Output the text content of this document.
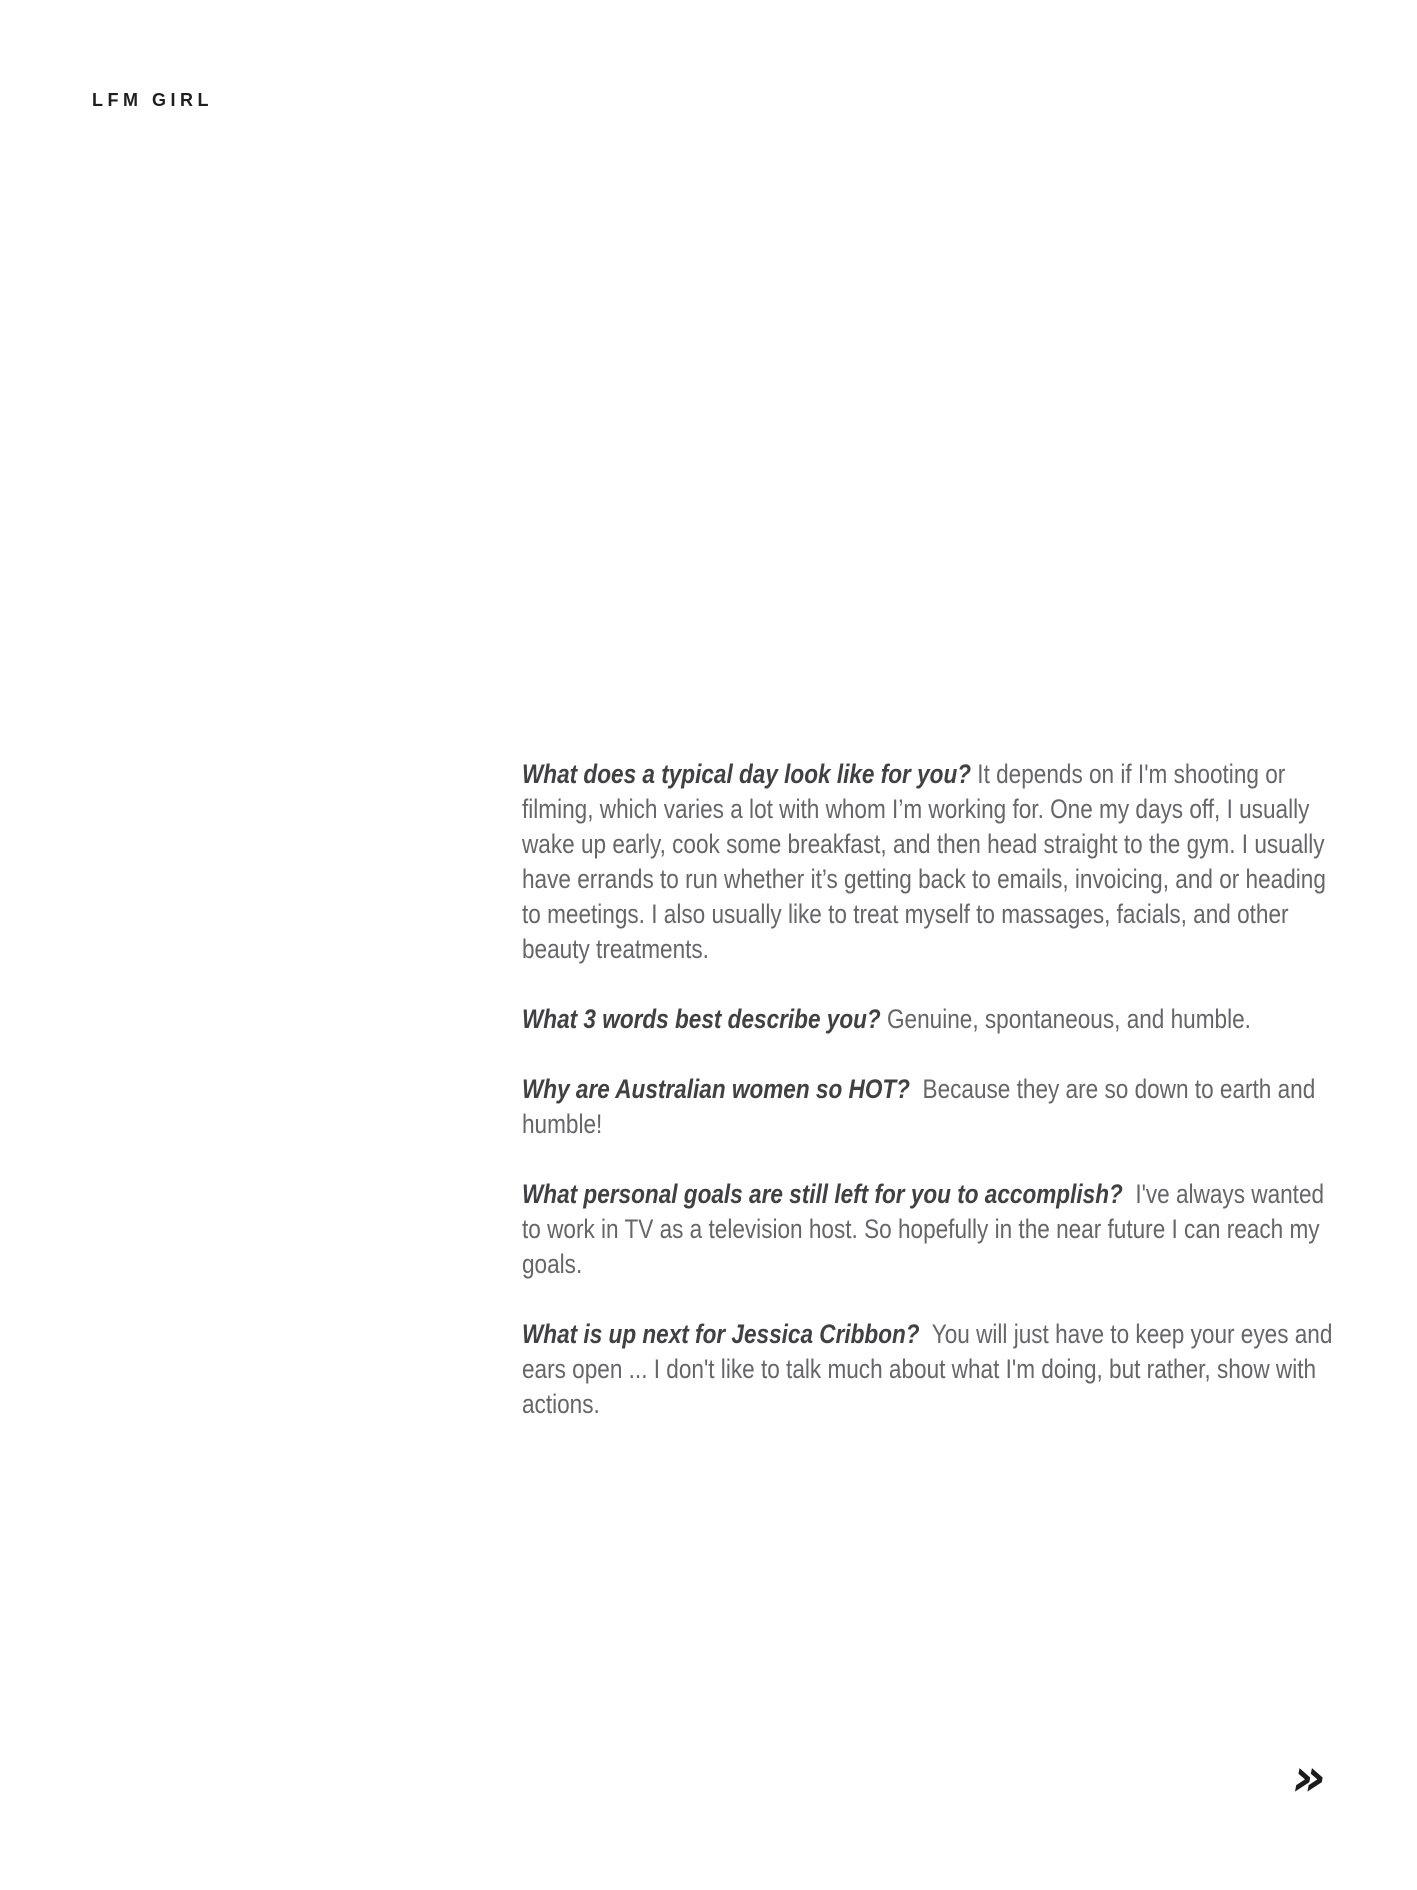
LFM GIRL

What does a typical day look like for you? It depends on if I'm shooting or filming, which varies a lot with whom I’m working for. One my days off, I usually wake up early, cook some breakfast, and then head straight to the gym. I usually have errands to run whether it’s getting back to emails, invoicing, and or heading to meetings. I also usually like to treat myself to massages, facials, and other beauty treatments.

What 3 words best describe you? Genuine, spontaneous, and humble.

Why are Australian women so HOT?  Because they are so down to earth and humble!

What personal goals are still left for you to accomplish?  I've always wanted to work in TV as a television host. So hopefully in the near future I can reach my goals.

What is up next for Jessica Cribbon?  You will just have to keep your eyes and ears open ... I don't like to talk much about what I'm doing, but rather, show with actions.

»
